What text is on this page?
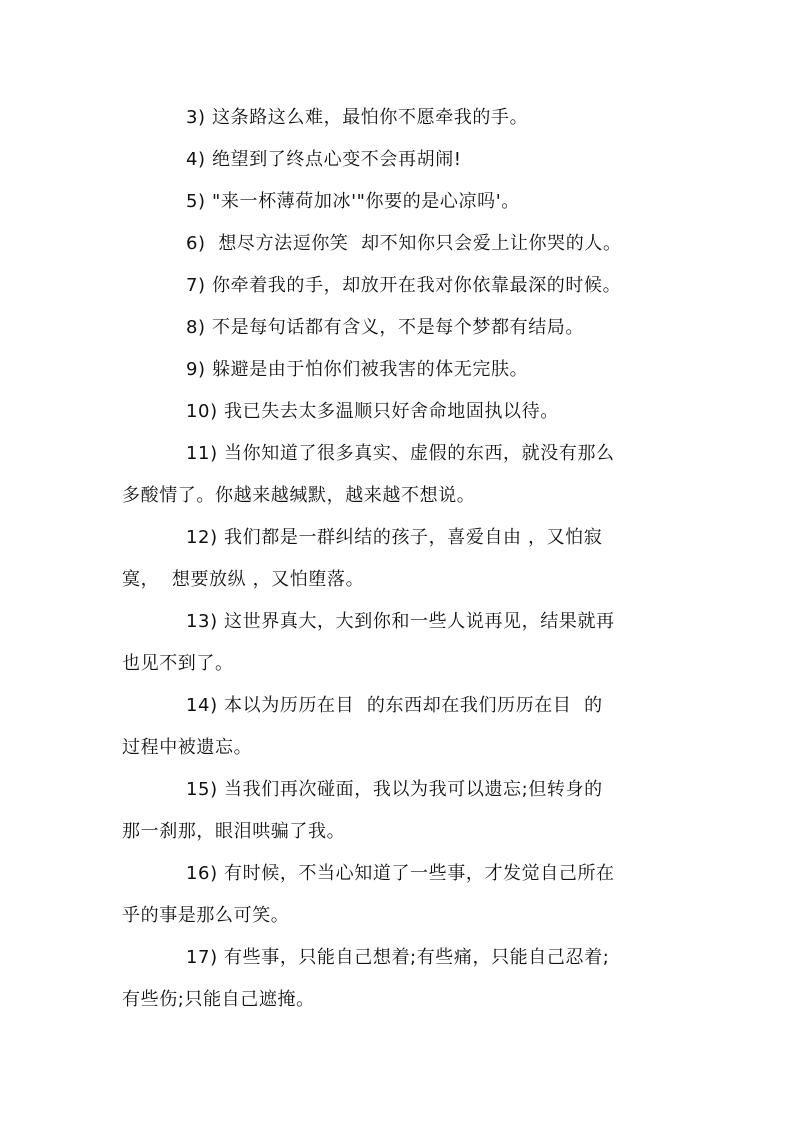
3) 这条路这么难，最怕你不愿牵我的手。
4) 绝望到了终点心变不会再胡闹!
5) "来一杯薄荷加冰'"你要的是心凉吗'。
6)  想尽方法逗你笑  却不知你只会爱上让你哭的人。
7) 你牵着我的手，却放开在我对你依靠最深的时候。
8) 不是每句话都有含义，不是每个梦都有结局。
9) 躲避是由于怕你们被我害的体无完肤。
10) 我已失去太多温顺只好舍命地固执以待。
11) 当你知道了很多真实、虚假的东西，就没有那么
多酸情了。你越来越缄默，越来越不想说。
12) 我们都是一群纠结的孩子，喜爱自由 ，又怕寂
寞，  想要放纵 ，又怕堕落。
13) 这世界真大，大到你和一些人说再见，结果就再
也见不到了。
14) 本以为历历在目  的东西却在我们历历在目  的
过程中被遗忘。
15) 当我们再次碰面，我以为我可以遗忘;但转身的
那一刹那，眼泪哄骗了我。
16) 有时候，不当心知道了一些事，才发觉自己所在
乎的事是那么可笑。
17) 有些事，只能自己想着;有些痛，只能自己忍着;
有些伤;只能自己遮掩。
